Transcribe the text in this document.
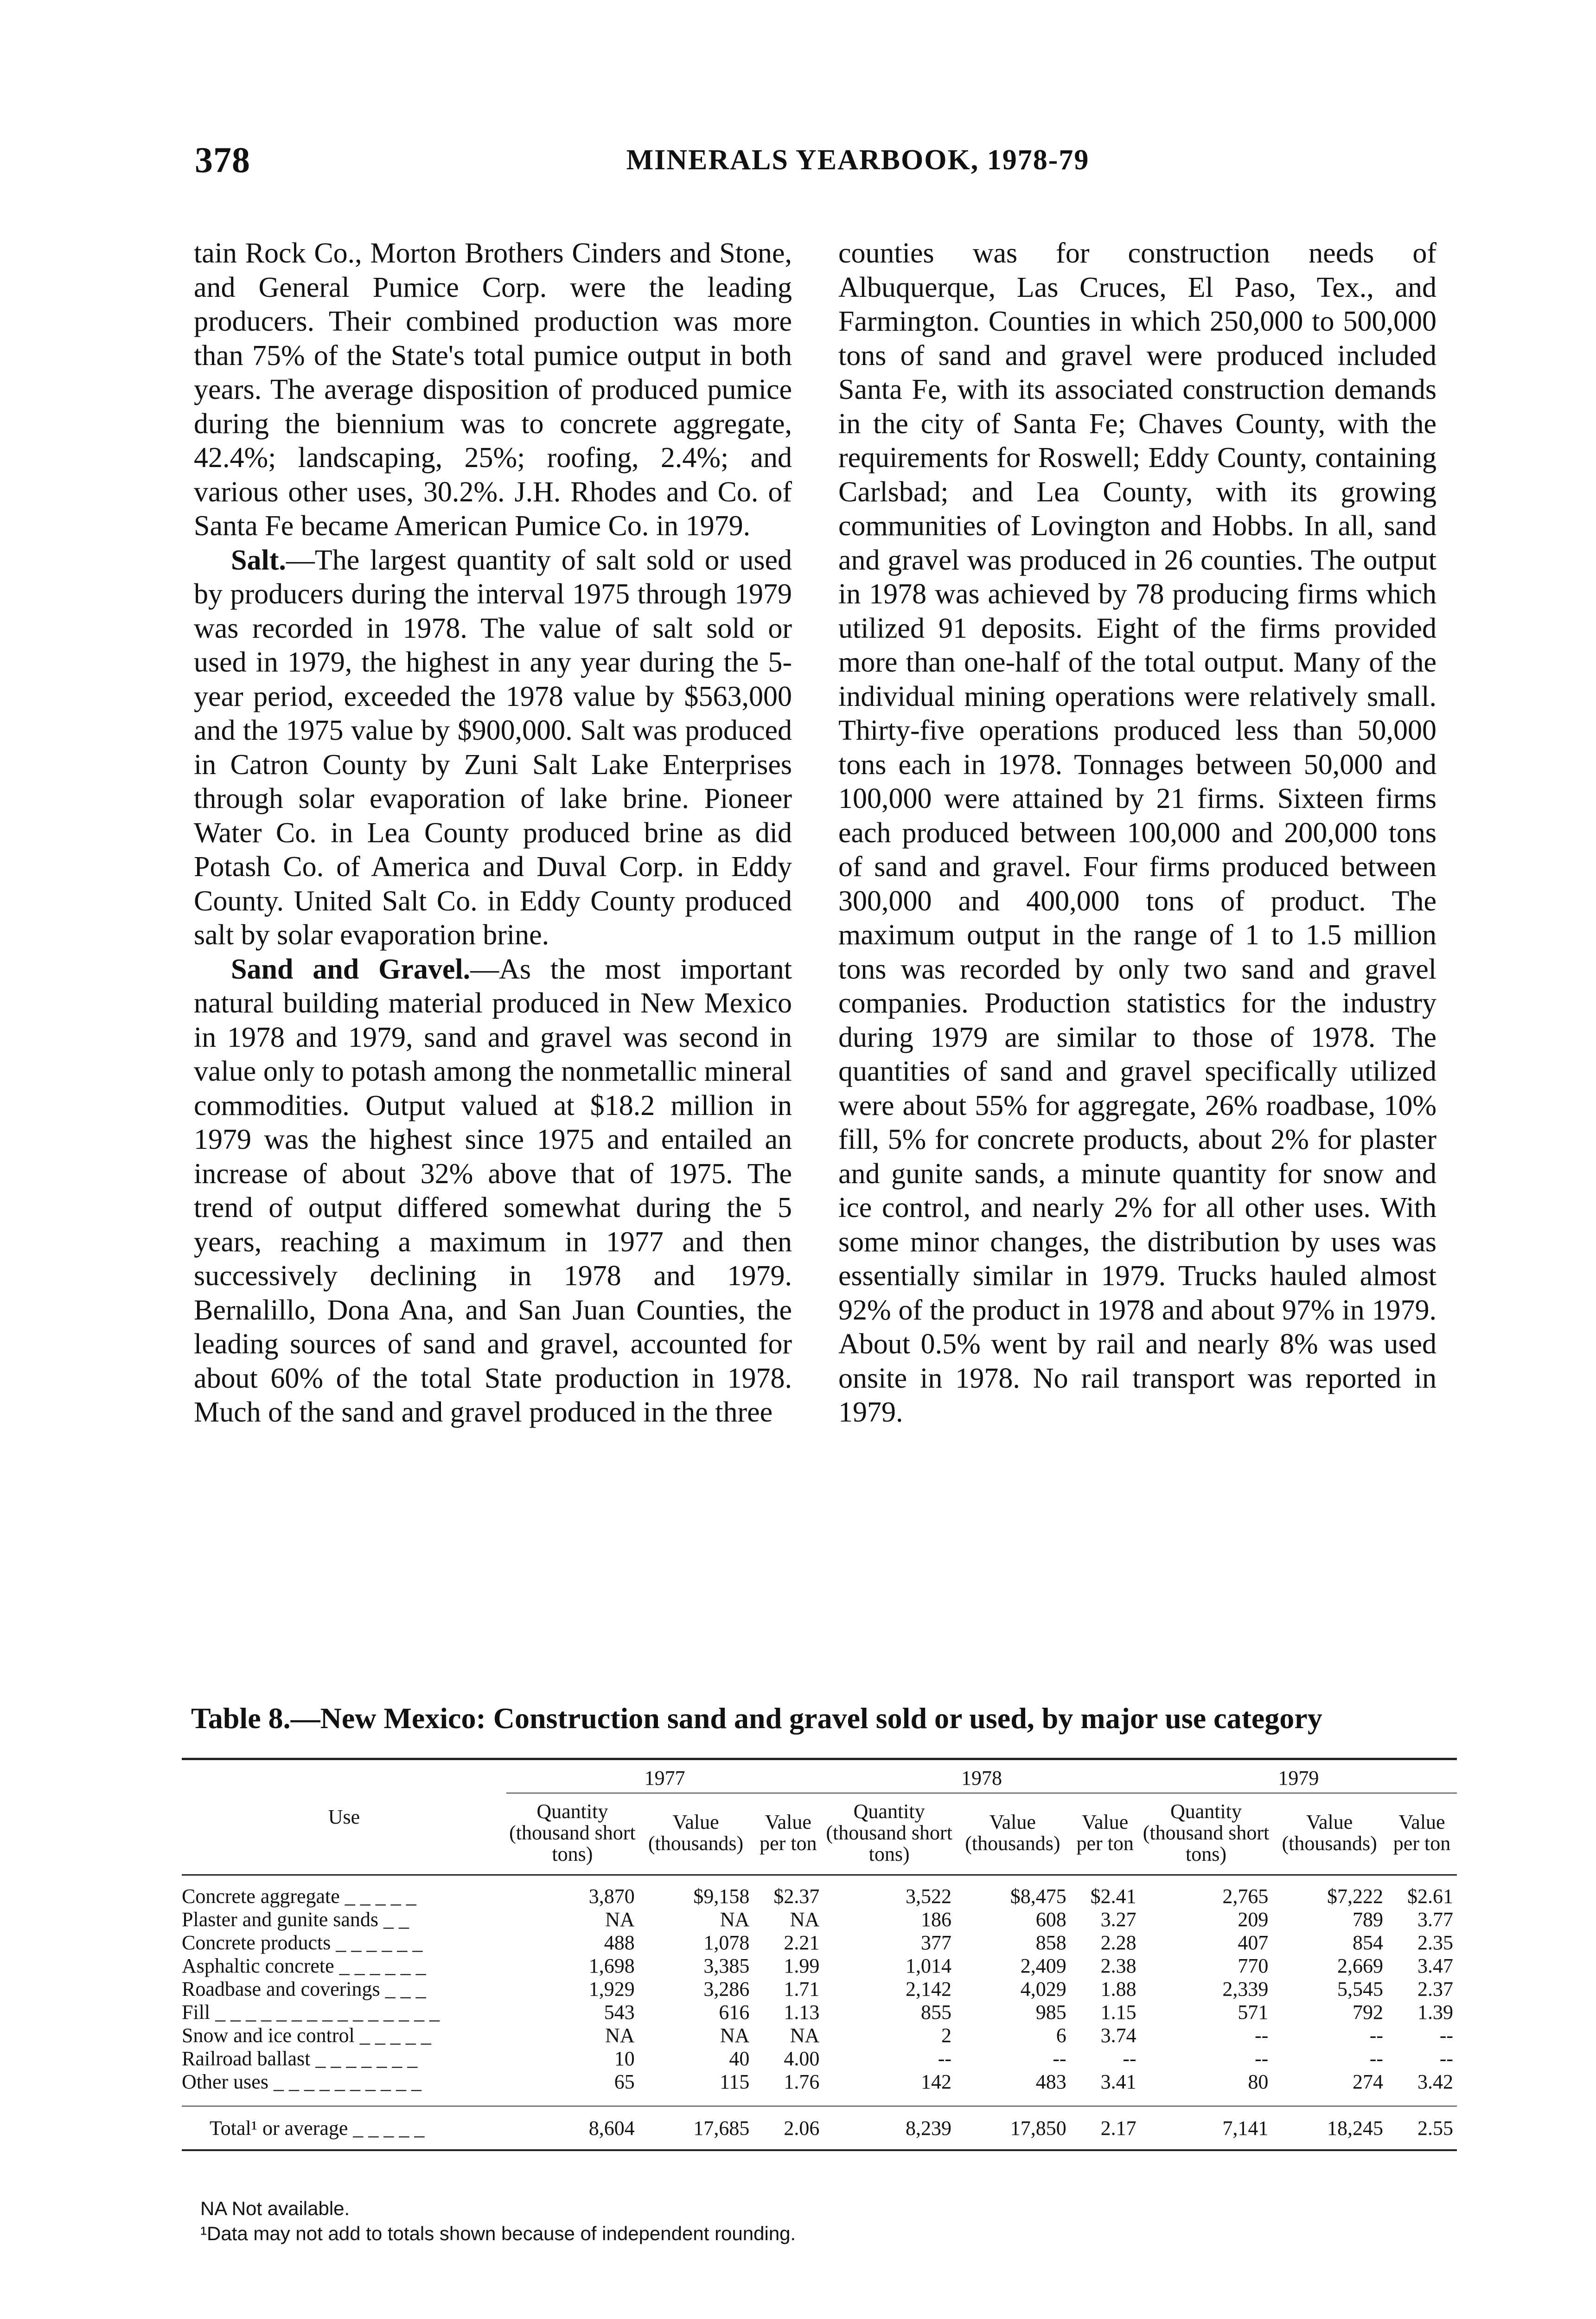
378	MINERALS YEARBOOK, 1978-79

tain Rock Co., Morton Brothers Cinders and Stone, and General Pumice Corp. were the leading producers. Their combined production was more than 75% of the State's total pumice output in both years. The average disposition of produced pumice during the biennium was to concrete aggregate, 42.4%; landscaping, 25%; roofing, 2.4%; and various other uses, 30.2%. J.H. Rhodes and Co. of Santa Fe became American Pumice Co. in 1979.

Salt.—The largest quantity of salt sold or used by producers during the interval 1975 through 1979 was recorded in 1978. The value of salt sold or used in 1979, the highest in any year during the 5-year period, exceeded the 1978 value by $563,000 and the 1975 value by $900,000. Salt was produced in Catron County by Zuni Salt Lake Enterprises through solar evaporation of lake brine. Pioneer Water Co. in Lea County produced brine as did Potash Co. of America and Duval Corp. in Eddy County. United Salt Co. in Eddy County produced salt by solar evaporation brine.

Sand and Gravel.—As the most important natural building material produced in New Mexico in 1978 and 1979, sand and gravel was second in value only to potash among the nonmetallic mineral commodities. Output valued at $18.2 million in 1979 was the highest since 1975 and entailed an increase of about 32% above that of 1975. The trend of output differed somewhat during the 5 years, reaching a maximum in 1977 and then successively declining in 1978 and 1979. Bernalillo, Dona Ana, and San Juan Counties, the leading sources of sand and gravel, accounted for about 60% of the total State production in 1978. Much of the sand and gravel produced in the three

counties was for construction needs of Albuquerque, Las Cruces, El Paso, Tex., and Farmington. Counties in which 250,000 to 500,000 tons of sand and gravel were produced included Santa Fe, with its associated construction demands in the city of Santa Fe; Chaves County, with the requirements for Roswell; Eddy County, containing Carlsbad; and Lea County, with its growing communities of Lovington and Hobbs. In all, sand and gravel was produced in 26 counties. The output in 1978 was achieved by 78 producing firms which utilized 91 deposits. Eight of the firms provided more than one-half of the total output. Many of the individual mining operations were relatively small. Thirty-five operations produced less than 50,000 tons each in 1978. Tonnages between 50,000 and 100,000 were attained by 21 firms. Sixteen firms each produced between 100,000 and 200,000 tons of sand and gravel. Four firms produced between 300,000 and 400,000 tons of product. The maximum output in the range of 1 to 1.5 million tons was recorded by only two sand and gravel companies. Production statistics for the industry during 1979 are similar to those of 1978. The quantities of sand and gravel specifically utilized were about 55% for aggregate, 26% roadbase, 10% fill, 5% for concrete products, about 2% for plaster and gunite sands, a minute quantity for snow and ice control, and nearly 2% for all other uses. With some minor changes, the distribution by uses was essentially similar in 1979. Trucks hauled almost 92% of the product in 1978 and about 97% in 1979. About 0.5% went by rail and nearly 8% was used onsite in 1978. No rail transport was reported in 1979.

Table 8.—New Mexico: Construction sand and gravel sold or used, by major use category
Use	1977			1978			1979		
	Quantity (thousand short tons)	Value (thousands)	Value per ton	Quantity (thousand short tons)	Value (thousands)	Value per ton	Quantity (thousand short tons)	Value (thousands)	Value per ton
Concrete aggregate _ _ _ _ _	3,870	$9,158	$2.37	3,522	$8,475	$2.41	2,765	$7,222	$2.61
Plaster and gunite sands _ _	NA	NA	NA	186	608	3.27	209	789	3.77
Concrete products _ _ _ _ _ _	488	1,078	2.21	377	858	2.28	407	854	2.35
Asphaltic concrete _ _ _ _ _ _	1,698	3,385	1.99	1,014	2,409	2.38	770	2,669	3.47
Roadbase and coverings _ _ _	1,929	3,286	1.71	2,142	4,029	1.88	2,339	5,545	2.37
Fill _ _ _ _ _ _ _ _ _ _ _ _ _ _ _	543	616	1.13	855	985	1.15	571	792	1.39
Snow and ice control _ _ _ _ _	NA	NA	NA	2	6	3.74	--	--	--
Railroad ballast _ _ _ _ _ _ _	10	40	4.00	--	--	--	--	--	--
Other uses _ _ _ _ _ _ _ _ _ _	65	115	1.76	142	483	3.41	80	274	3.42
Total¹ or average _ _ _ _ _	8,604	17,685	2.06	8,239	17,850	2.17	7,141	18,245	2.55
NA Not available.
¹Data may not add to totals shown because of independent rounding.
